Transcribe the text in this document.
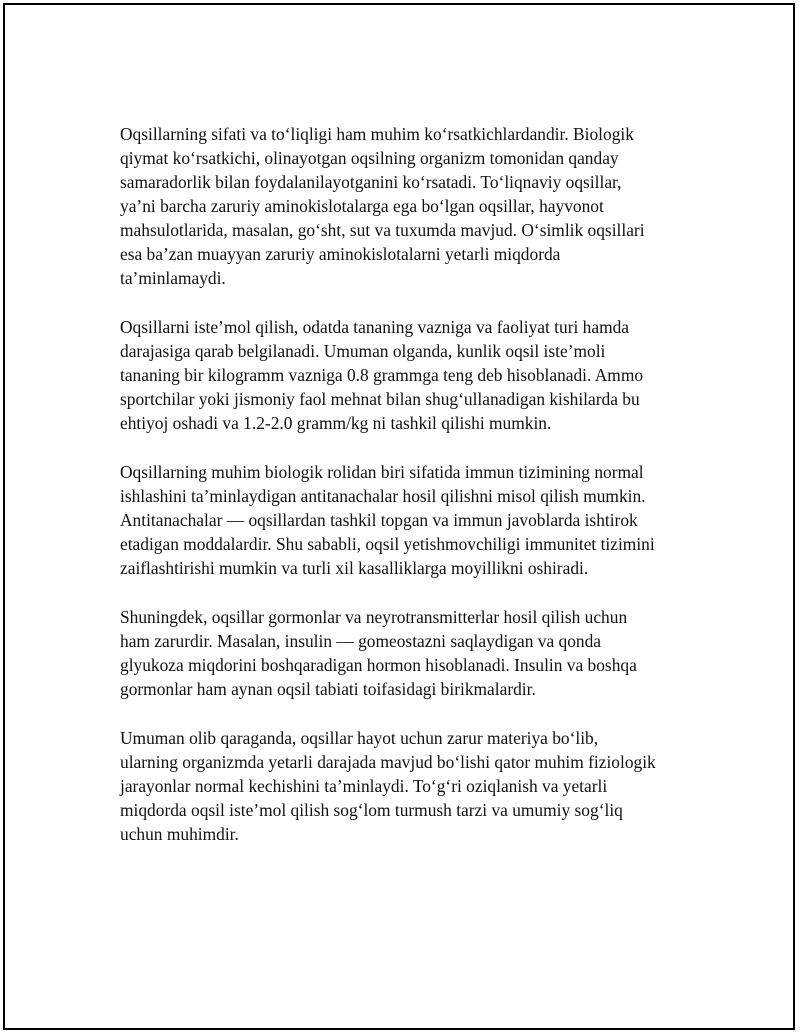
Oqsillarning sifati va to‘liqligi ham muhim ko‘rsatkichlardandir. Biologik
qiymat ko‘rsatkichi, olinayotgan oqsilning organizm tomonidan qanday
samaradorlik bilan foydalanilayotganini ko‘rsatadi. To‘liqnaviy oqsillar,
ya’ni barcha zaruriy aminokislotalarga ega bo‘lgan oqsillar, hayvonot
mahsulotlarida, masalan, go‘sht, sut va tuxumda mavjud. O‘simlik oqsillari
esa ba’zan muayyan zaruriy aminokislotalarni yetarli miqdorda
ta’minlamaydi.

Oqsillarni iste’mol qilish, odatda tananing vazniga va faoliyat turi hamda
darajasiga qarab belgilanadi. Umuman olganda, kunlik oqsil iste’moli
tananing bir kilogramm vazniga 0.8 grammga teng deb hisoblanadi. Ammo
sportchilar yoki jismoniy faol mehnat bilan shug‘ullanadigan kishilarda bu
ehtiyoj oshadi va 1.2-2.0 gramm/kg ni tashkil qilishi mumkin.

Oqsillarning muhim biologik rolidan biri sifatida immun tizimining normal
ishlashini ta’minlaydigan antitanachalar hosil qilishni misol qilish mumkin.
Antitanachalar — oqsillardan tashkil topgan va immun javoblarda ishtirok
etadigan moddalardir. Shu sababli, oqsil yetishmovchiligi immunitet tizimini
zaiflashtirishi mumkin va turli xil kasalliklarga moyillikni oshiradi.

Shuningdek, oqsillar gormonlar va neyrotransmitterlar hosil qilish uchun
ham zarurdir. Masalan, insulin — gomeostazni saqlaydigan va qonda
glyukoza miqdorini boshqaradigan hormon hisoblanadi. Insulin va boshqa
gormonlar ham aynan oqsil tabiati toifasidagi birikmalardir.

Umuman olib qaraganda, oqsillar hayot uchun zarur materiya bo‘lib,
ularning organizmda yetarli darajada mavjud bo‘lishi qator muhim fiziologik
jarayonlar normal kechishini ta’minlaydi. To‘g‘ri oziqlanish va yetarli
miqdorda oqsil iste’mol qilish sog‘lom turmush tarzi va umumiy sog‘liq
uchun muhimdir.
